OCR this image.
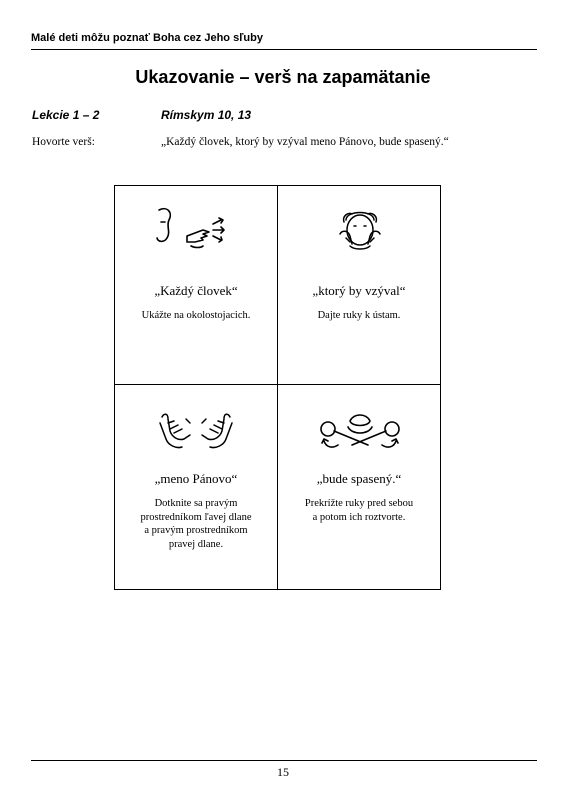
Malé deti môžu poznať Boha cez Jeho sľuby
Ukazovanie – verš na zapamätanie
Lekcie 1 – 2	Rímskym 10, 13
Hovorte verš:	„Každý človek, ktorý by vzýval meno Pánovo, bude spasený.“
„Každý človek“
Ukážte na okolostojacich.
„ktorý by vzýval“
Dajte ruky k ústam.
„meno Pánovo“
Dotknite sa pravým
prostredníkom ľavej dlane
a pravým prostredníkom
pravej dlane.
„bude spasený.“
Prekrížte ruky pred sebou
a potom ich roztvorte.
15
